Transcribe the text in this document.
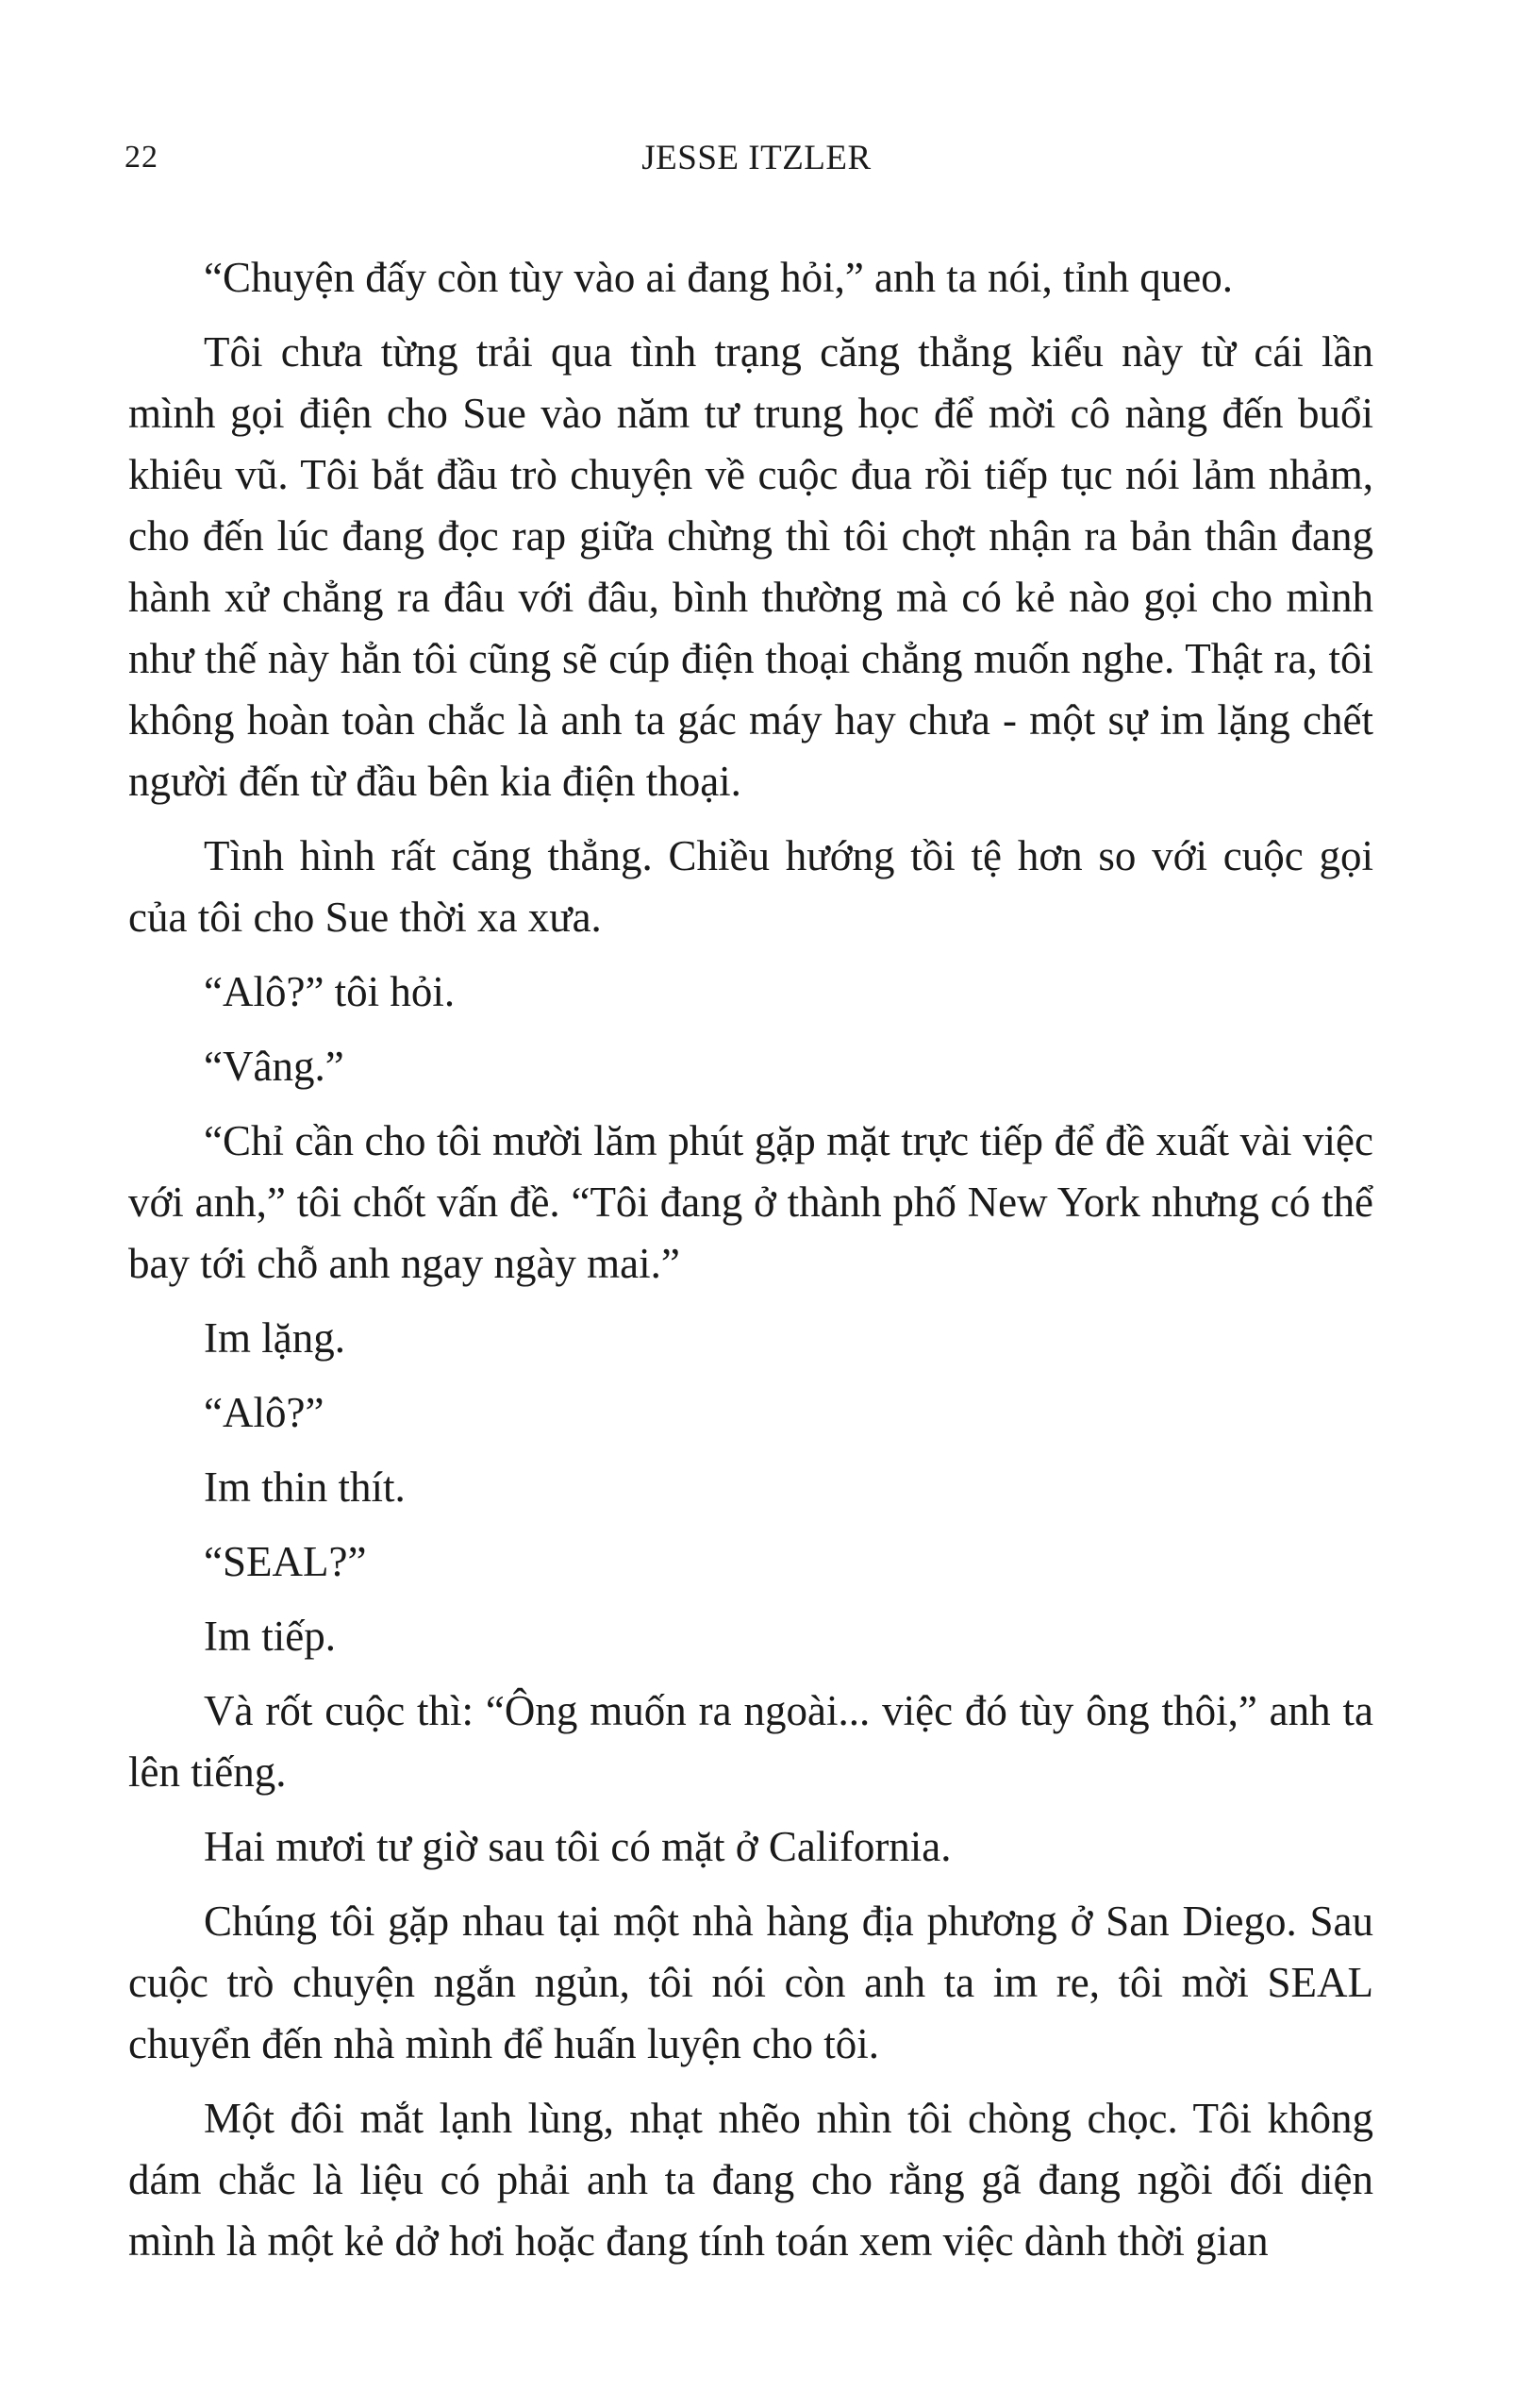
22	JESSE ITZLER

“Chuyện đấy còn tùy vào ai đang hỏi,” anh ta nói, tỉnh queo.

Tôi chưa từng trải qua tình trạng căng thẳng kiểu này từ cái lần mình gọi điện cho Sue vào năm tư trung học để mời cô nàng đến buổi khiêu vũ. Tôi bắt đầu trò chuyện về cuộc đua rồi tiếp tục nói lảm nhảm, cho đến lúc đang đọc rap giữa chừng thì tôi chợt nhận ra bản thân đang hành xử chẳng ra đâu với đâu, bình thường mà có kẻ nào gọi cho mình như thế này hẳn tôi cũng sẽ cúp điện thoại chẳng muốn nghe. Thật ra, tôi không hoàn toàn chắc là anh ta gác máy hay chưa - một sự im lặng chết người đến từ đầu bên kia điện thoại.

Tình hình rất căng thẳng. Chiều hướng tồi tệ hơn so với cuộc gọi của tôi cho Sue thời xa xưa.

“Alô?” tôi hỏi.

“Vâng.”

“Chỉ cần cho tôi mười lăm phút gặp mặt trực tiếp để đề xuất vài việc với anh,” tôi chốt vấn đề. “Tôi đang ở thành phố New York nhưng có thể bay tới chỗ anh ngay ngày mai.”

Im lặng.

“Alô?”

Im thin thít.

“SEAL?”

Im tiếp.

Và rốt cuộc thì: “Ông muốn ra ngoài... việc đó tùy ông thôi,” anh ta lên tiếng.

Hai mươi tư giờ sau tôi có mặt ở California.

Chúng tôi gặp nhau tại một nhà hàng địa phương ở San Diego. Sau cuộc trò chuyện ngắn ngủn, tôi nói còn anh ta im re, tôi mời SEAL chuyển đến nhà mình để huấn luyện cho tôi.

Một đôi mắt lạnh lùng, nhạt nhẽo nhìn tôi chòng chọc. Tôi không dám chắc là liệu có phải anh ta đang cho rằng gã đang ngồi đối diện mình là một kẻ dở hơi hoặc đang tính toán xem việc dành thời gian
